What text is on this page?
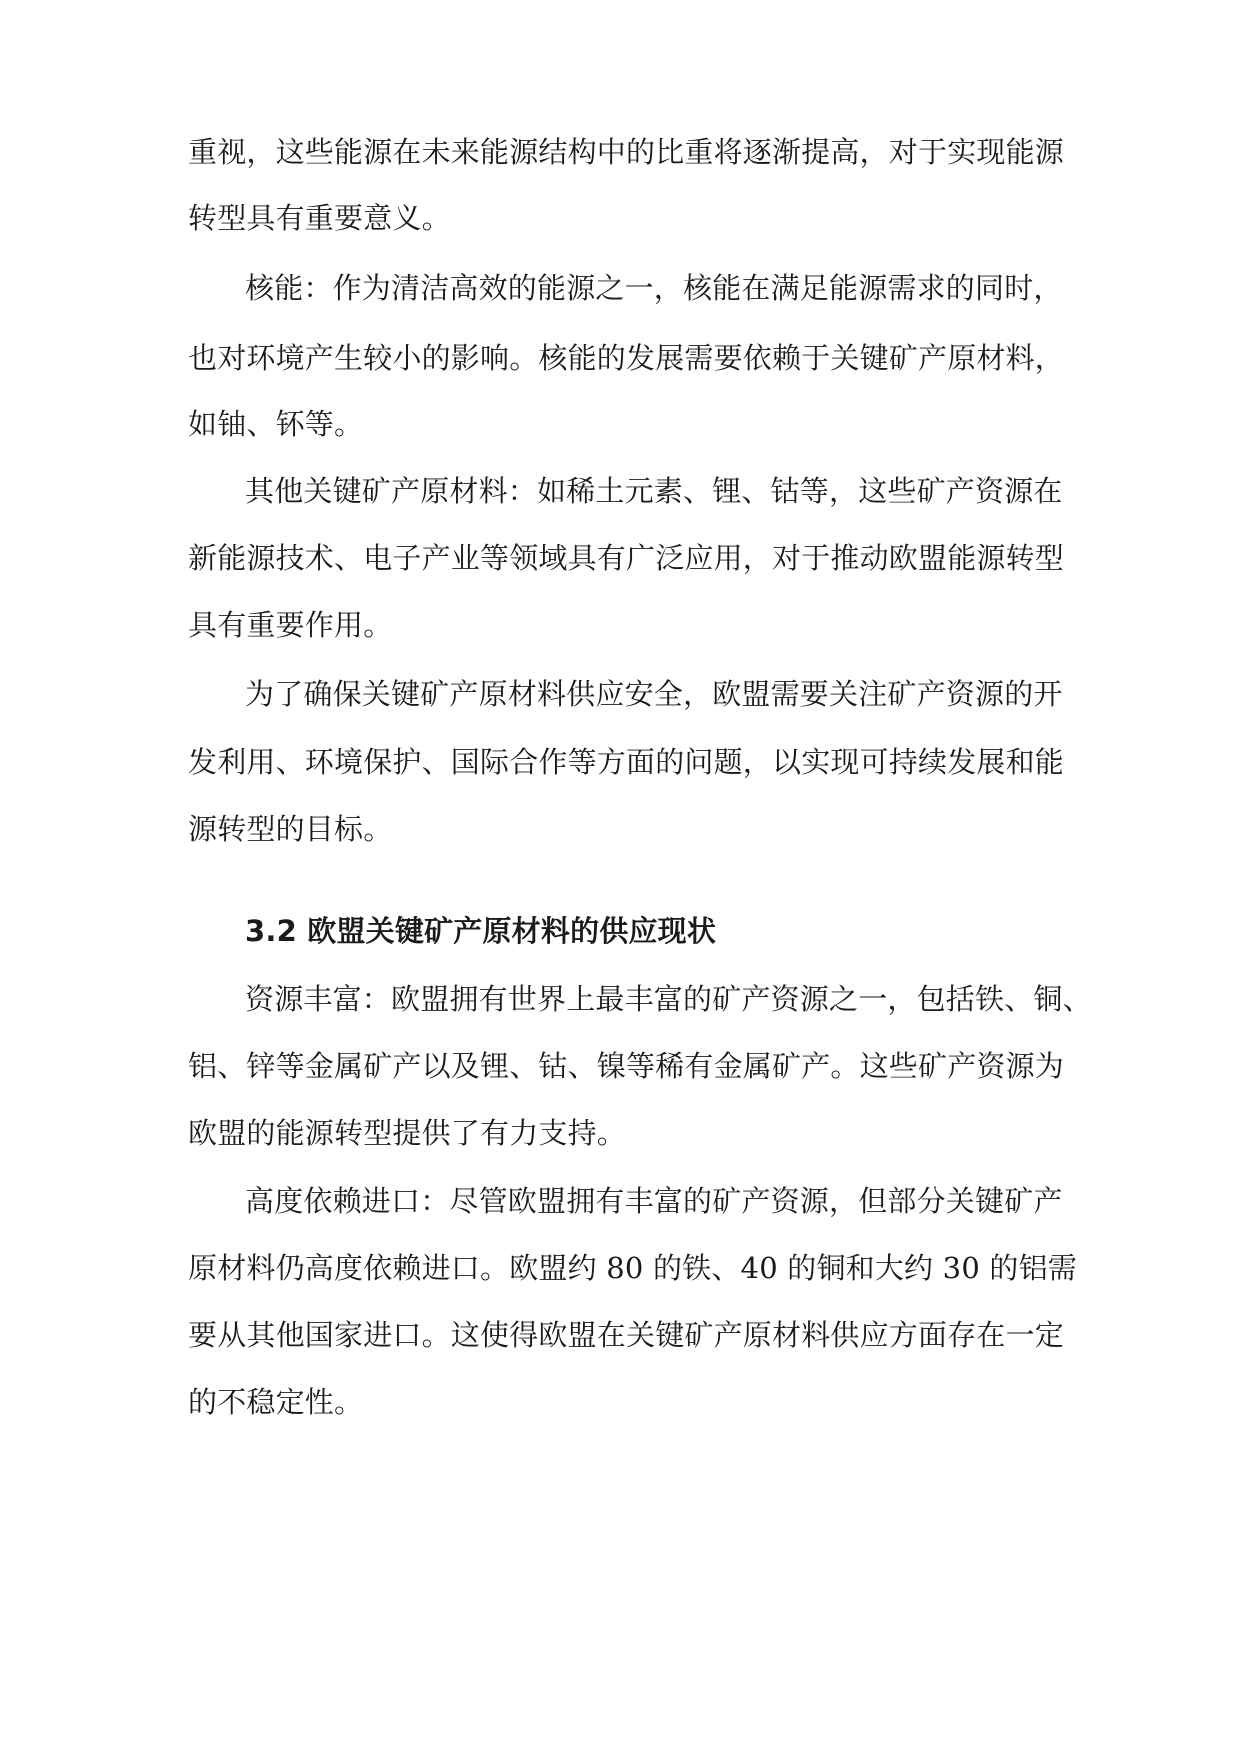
重视，这些能源在未来能源结构中的比重将逐渐提高，对于实现能源
转型具有重要意义。
核能：作为清洁高效的能源之一，核能在满足能源需求的同时，
也对环境产生较小的影响。核能的发展需要依赖于关键矿产原材料，
如铀、钚等。
其他关键矿产原材料：如稀土元素、锂、钴等，这些矿产资源在
新能源技术、电子产业等领域具有广泛应用，对于推动欧盟能源转型
具有重要作用。
为了确保关键矿产原材料供应安全，欧盟需要关注矿产资源的开
发利用、环境保护、国际合作等方面的问题，以实现可持续发展和能
源转型的目标。
3.2 欧盟关键矿产原材料的供应现状
资源丰富：欧盟拥有世界上最丰富的矿产资源之一，包括铁、铜、
铝、锌等金属矿产以及锂、钴、镍等稀有金属矿产。这些矿产资源为
欧盟的能源转型提供了有力支持。
高度依赖进口：尽管欧盟拥有丰富的矿产资源，但部分关键矿产
原材料仍高度依赖进口。欧盟约 80 的铁、40 的铜和大约 30 的铝需
要从其他国家进口。这使得欧盟在关键矿产原材料供应方面存在一定
的不稳定性。
